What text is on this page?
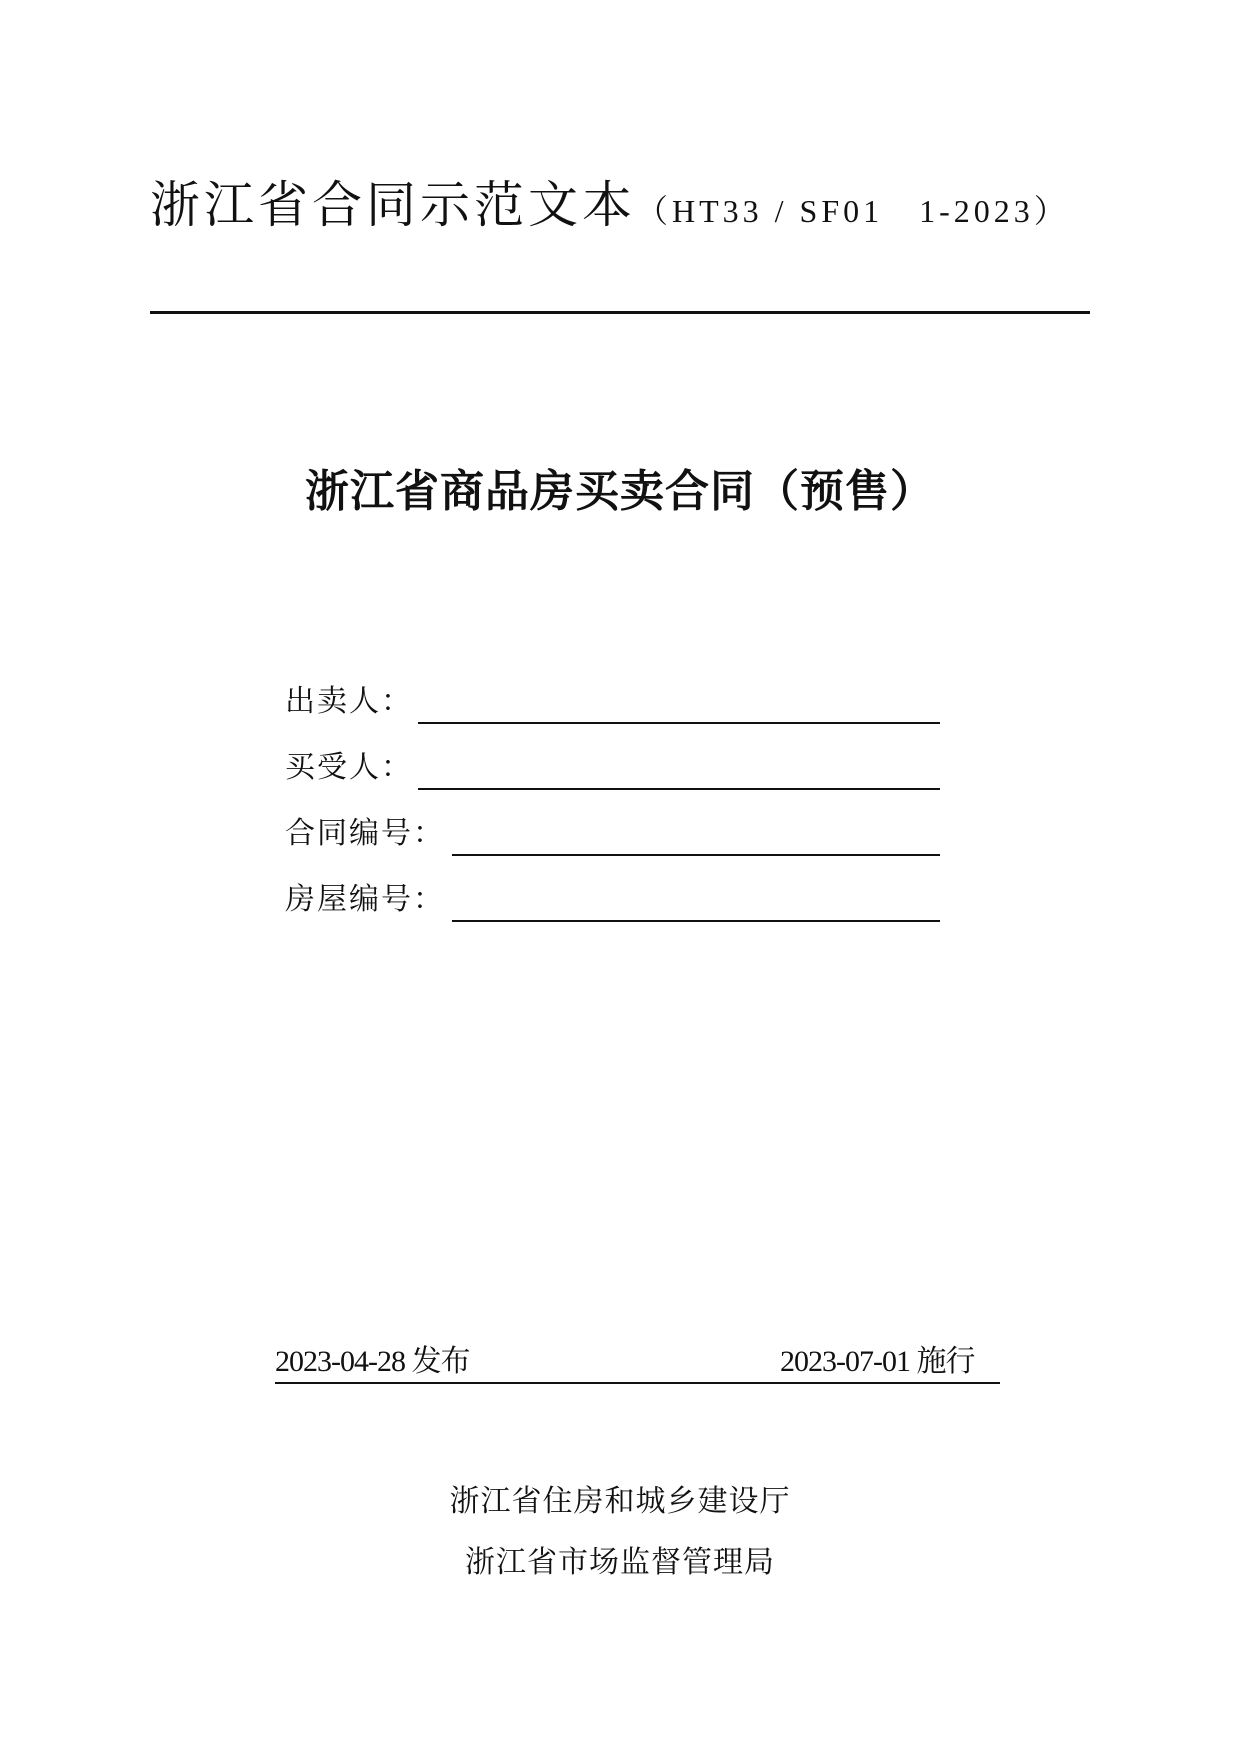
浙江省合同示范文本（HT33 / SF01　1-2023）
浙江省商品房买卖合同（预售）
出卖人：
买受人：
合同编号：
房屋编号：
2023-04-28 发布	2023-07-01 施行
浙江省住房和城乡建设厅
浙江省市场监督管理局
